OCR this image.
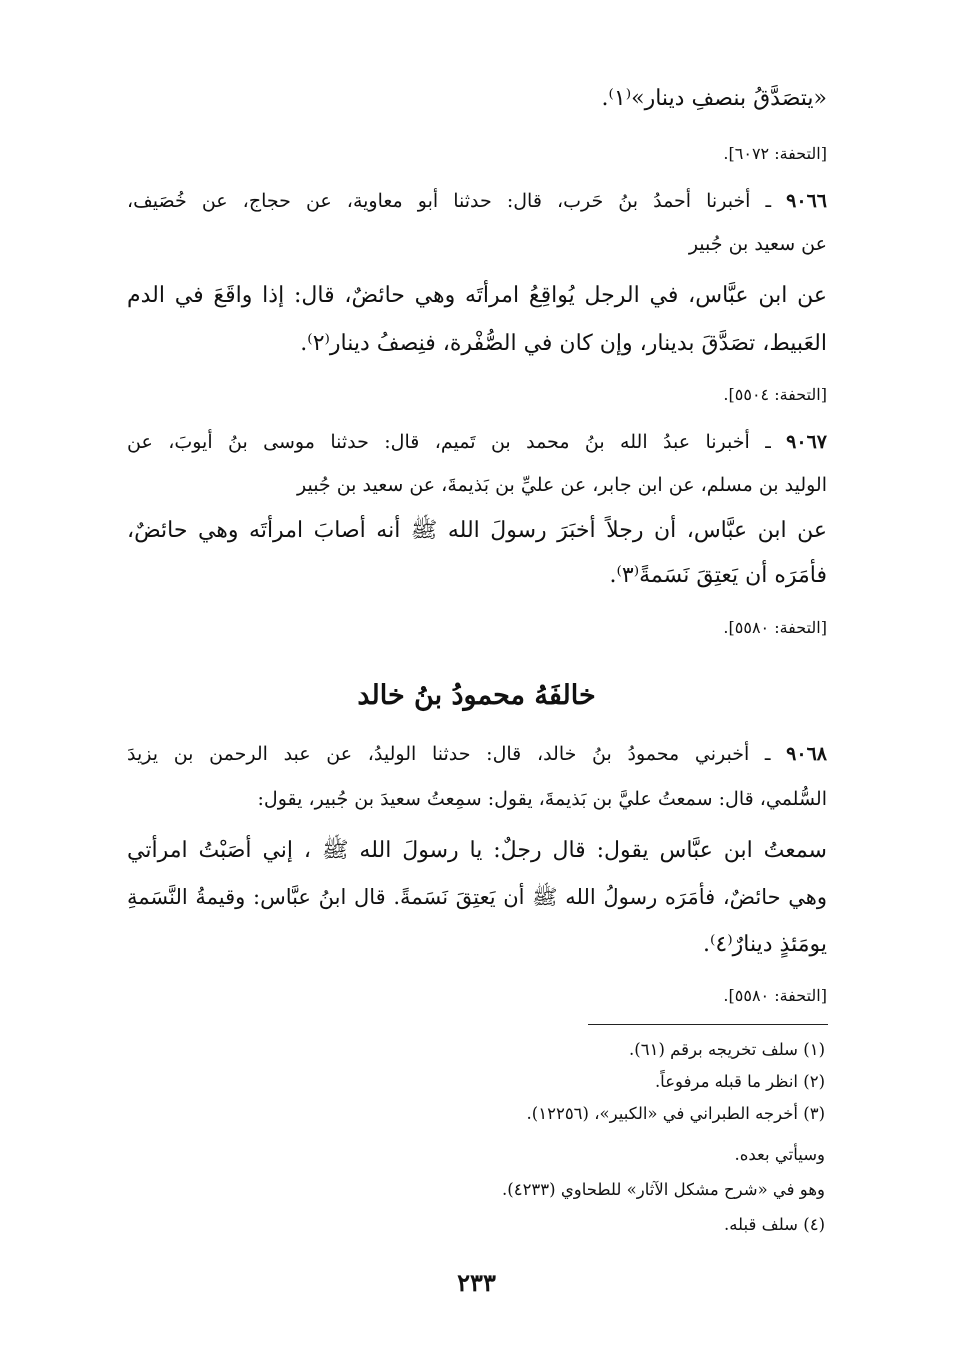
«يتصَدَّقُ بنصفِ دينار»⁽١⁾.
[التحفة: ٦٠٧٢].
٩٠٦٦ ـ أخبرنا أحمدُ بنُ حَرب، قال: حدثنا أبو معاوية، عن حجاج، عن خُصَيف،
عن سعيد بن جُبير
عن ابن عبَّاس، في الرجل يُواقِعُ امرأتَه وهي حائضٌ، قال: إذا واقَعَ في الدم
العَبيط، تصَدَّقَ بدينار، وإن كان في الصُّفْرة، فنِصفُ دينار⁽٢⁾.
[التحفة: ٥٥٠٤].
٩٠٦٧ ـ أخبرنا عبدُ الله بنُ محمد بن تَميم، قال: حدثنا موسى بنُ أيوبَ، عن
الوليد بن مسلم، عن ابن جابر، عن عليِّ بن بَذيمةَ، عن سعيد بن جُبير
عن ابن عبَّاس، أن رجلاً أخبَرَ رسولَ الله ﷺ أنه أصابَ امرأتَه وهي حائضٌ،
فأمَرَه أن يَعتِقَ نَسَمةً⁽٣⁾.
[التحفة: ٥٥٨٠].
خالفَهُ محمودُ بنُ خالد
٩٠٦٨ ـ أخبرني محمودُ بنُ خالد، قال: حدثنا الوليدُ، عن عبد الرحمن بن يزيدَ
السُّلمي، قال: سمعتُ عليَّ بن بَذيمةَ، يقول: سمِعتُ سعيدَ بن جُبير، يقول:
سمعتُ ابن عبَّاس يقول: قال رجلٌ: يا رسولَ الله ﷺ ، إني أصَبْتُ امرأتي
وهي حائضٌ، فأمَرَه رسولُ الله ﷺ أن يَعتِقَ نَسَمةً. قال ابنُ عبَّاس: وقيمةُ النَّسَمةِ
يومَئذٍ دينارٌ⁽٤⁾.
[التحفة: ٥٥٨٠].
(١) سلف تخريجه برقم (٦١).
(٢) انظر ما قبله مرفوعاً.
(٣) أخرجه الطبراني في «الكبير»، (١٢٢٥٦).
وسيأتي بعده.
وهو في «شرح مشكل الآثار» للطحاوي (٤٢٣٣).
(٤) سلف قبله.
٢٣٣
